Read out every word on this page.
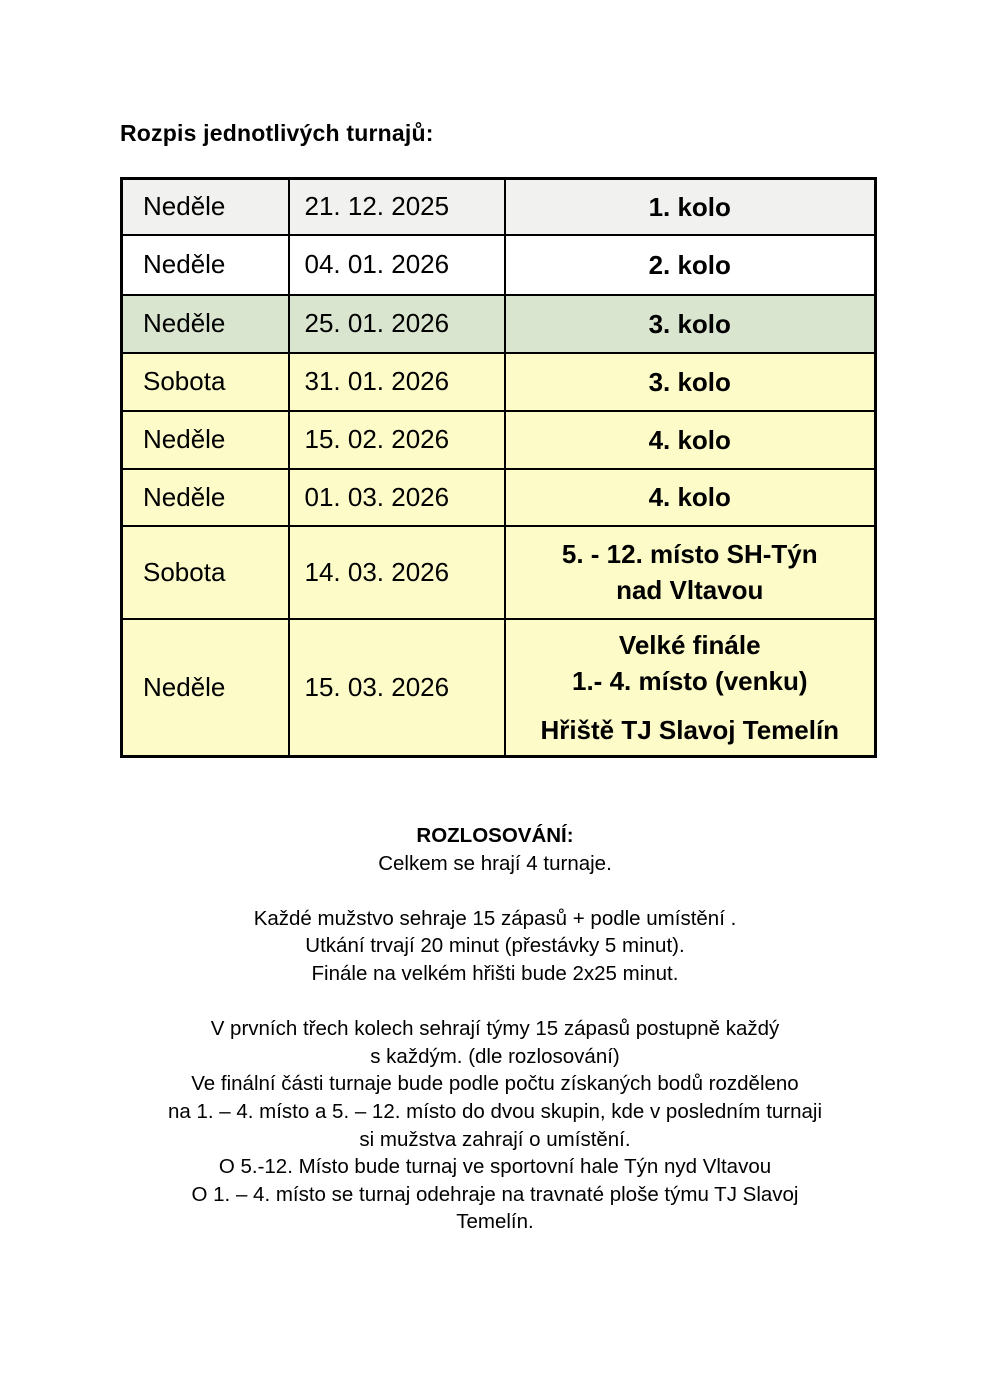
Rozpis jednotlivých turnajů:
Neděle	21. 12. 2025	1. kolo

Neděle	04. 01. 2026	2. kolo

Neděle	25. 01. 2026	3. kolo

Sobota	31. 01. 2026	3. kolo

Neděle	15. 02. 2026	4. kolo

Neděle	01. 03. 2026	4. kolo

Sobota	14. 03. 2026	5. - 12. místo SH-Týn
nad Vltavou

Neděle	15. 03. 2026	Velké finále
1.- 4. místo (venku)
Hřiště TJ Slavoj Temelín
ROZLOSOVÁNÍ:
Celkem se hrají 4 turnaje.
Každé mužstvo sehraje 15 zápasů + podle umístění .
Utkání trvají 20 minut (přestávky 5 minut).
Finále na velkém hřišti bude 2x25 minut.
V prvních třech kolech sehrají týmy 15 zápasů postupně každý
s každým. (dle rozlosování)
Ve finální části turnaje bude podle počtu získaných bodů rozděleno
na 1. – 4. místo a 5. – 12. místo do dvou skupin, kde v posledním turnaji
si mužstva zahrají o umístění.
O 5.-12. Místo bude turnaj ve sportovní hale Týn nyd Vltavou
O 1. – 4. místo se turnaj odehraje na travnaté ploše týmu TJ Slavoj
Temelín.
